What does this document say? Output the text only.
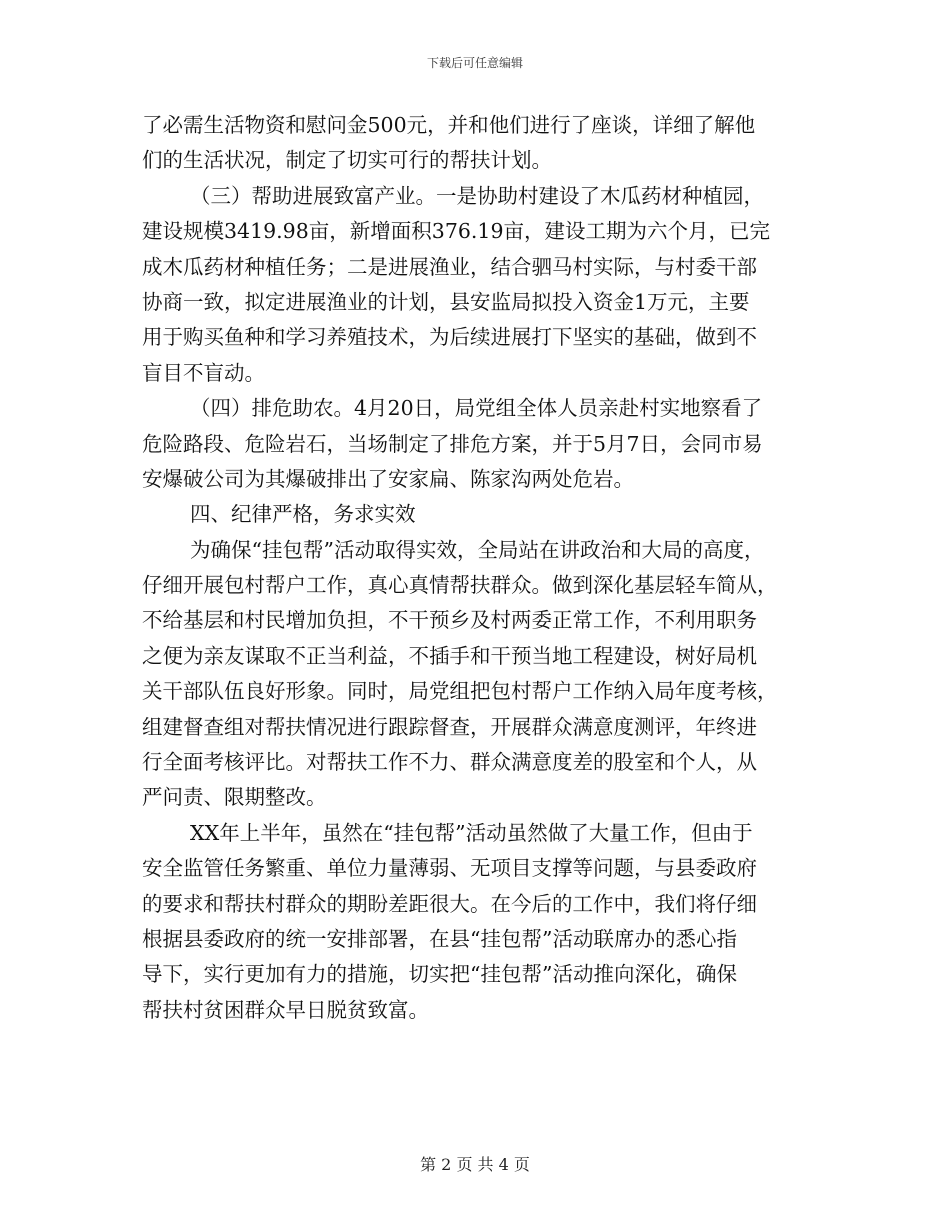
下载后可任意编辑
了必需生活物资和慰问金500元，并和他们进行了座谈，详细了解他
们的生活状况，制定了切实可行的帮扶计划。
（三）帮助进展致富产业。一是协助村建设了木瓜药材种植园，
建设规模3419.98亩，新增面积376.19亩，建设工期为六个月，已完
成木瓜药材种植任务；二是进展渔业，结合驷马村实际，与村委干部
协商一致，拟定进展渔业的计划，县安监局拟投入资金1万元，主要
用于购买鱼种和学习养殖技术，为后续进展打下坚实的基础，做到不
盲目不盲动。
（四）排危助农。4月20日，局党组全体人员亲赴村实地察看了
危险路段、危险岩石，当场制定了排危方案，并于5月7日，会同市易
安爆破公司为其爆破排出了安家扁、陈家沟两处危岩。
四、纪律严格，务求实效
为确保“挂包帮”活动取得实效，全局站在讲政治和大局的高度，
仔细开展包村帮户工作，真心真情帮扶群众。做到深化基层轻车简从，
不给基层和村民增加负担，不干预乡及村两委正常工作，不利用职务
之便为亲友谋取不正当利益，不插手和干预当地工程建设，树好局机
关干部队伍良好形象。同时，局党组把包村帮户工作纳入局年度考核，
组建督查组对帮扶情况进行跟踪督查，开展群众满意度测评，年终进
行全面考核评比。对帮扶工作不力、群众满意度差的股室和个人，从
严问责、限期整改。
XX年上半年，虽然在“挂包帮”活动虽然做了大量工作，但由于
安全监管任务繁重、单位力量薄弱、无项目支撑等问题，与县委政府
的要求和帮扶村群众的期盼差距很大。在今后的工作中，我们将仔细
根据县委政府的统一安排部署，在县“挂包帮”活动联席办的悉心指
导下，实行更加有力的措施，切实把“挂包帮”活动推向深化，确保
帮扶村贫困群众早日脱贫致富。
第 2 页 共 4 页
